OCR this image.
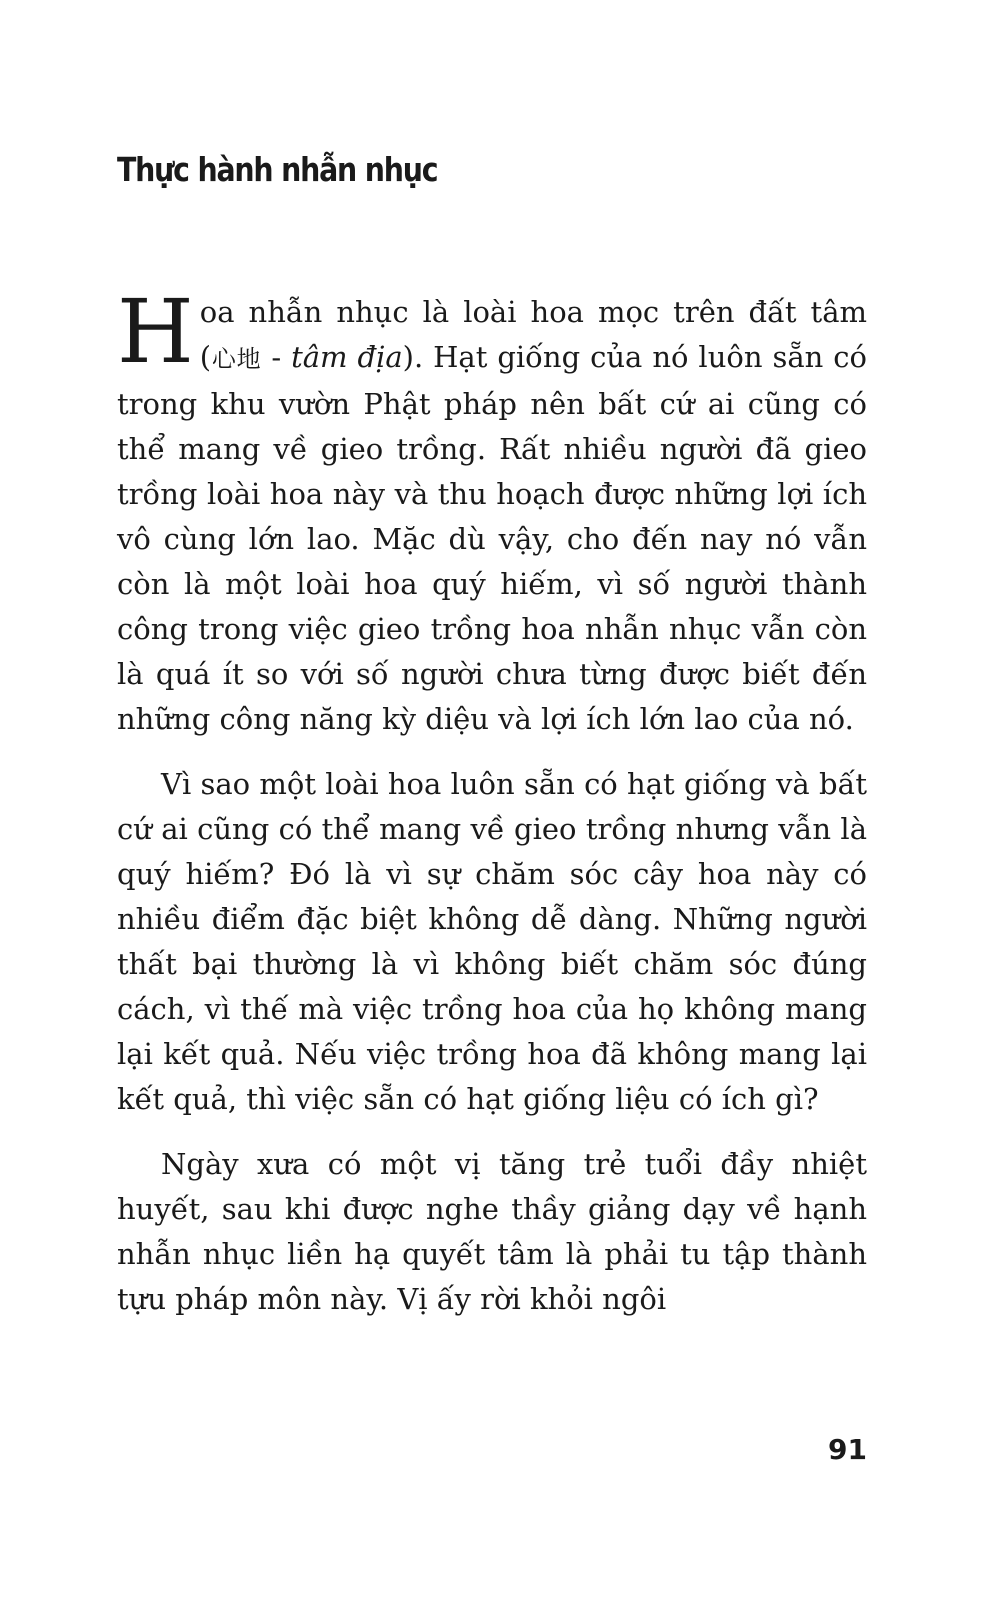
Thực hành nhẫn nhục

Hoa nhẫn nhục là loài hoa mọc trên đất tâm (心地 - tâm địa). Hạt giống của nó luôn sẵn có trong khu vườn Phật pháp nên bất cứ ai cũng có thể mang về gieo trồng. Rất nhiều người đã gieo trồng loài hoa này và thu hoạch được những lợi ích vô cùng lớn lao. Mặc dù vậy, cho đến nay nó vẫn còn là một loài hoa quý hiếm, vì số người thành công trong việc gieo trồng hoa nhẫn nhục vẫn còn là quá ít so với số người chưa từng được biết đến những công năng kỳ diệu và lợi ích lớn lao của nó.

Vì sao một loài hoa luôn sẵn có hạt giống và bất cứ ai cũng có thể mang về gieo trồng nhưng vẫn là quý hiếm? Đó là vì sự chăm sóc cây hoa này có nhiều điểm đặc biệt không dễ dàng. Những người thất bại thường là vì không biết chăm sóc đúng cách, vì thế mà việc trồng hoa của họ không mang lại kết quả. Nếu việc trồng hoa đã không mang lại kết quả, thì việc sẵn có hạt giống liệu có ích gì?

Ngày xưa có một vị tăng trẻ tuổi đầy nhiệt huyết, sau khi được nghe thầy giảng dạy về hạnh nhẫn nhục liền hạ quyết tâm là phải tu tập thành tựu pháp môn này. Vị ấy rời khỏi ngôi

91
